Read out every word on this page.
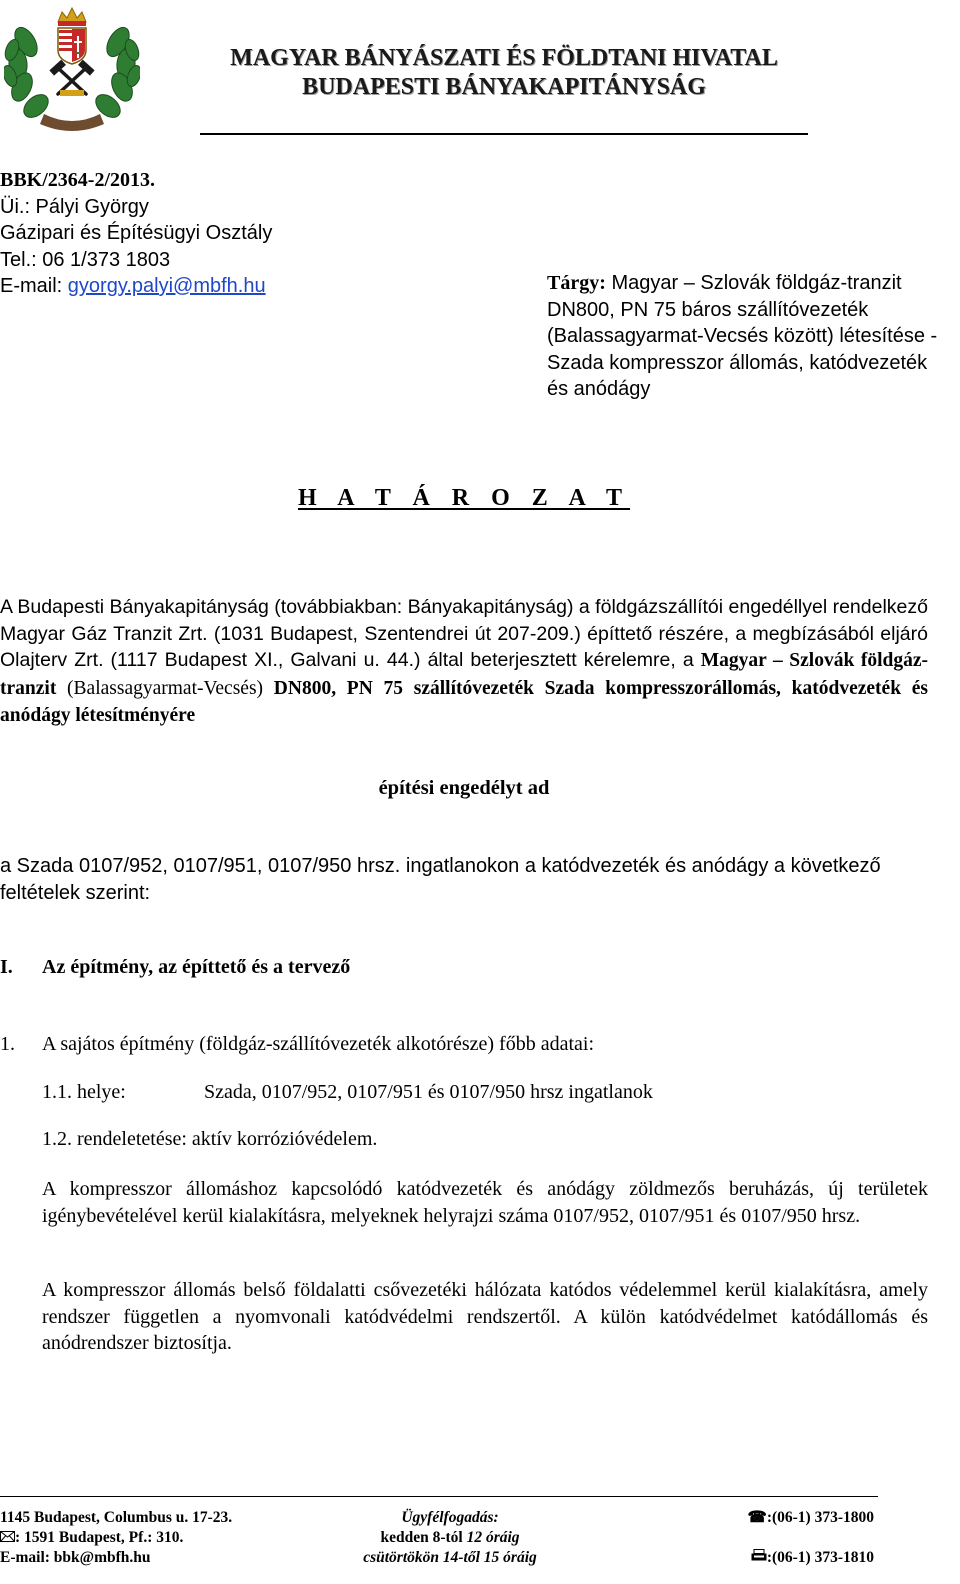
MAGYAR BÁNYÁSZATI ÉS FÖLDTANI HIVATAL
BUDAPESTI BÁNYAKAPITÁNYSÁG
BBK/2364-2/2013.
Üi.: Pályi György
Gázipari és Építésügyi Osztály
Tel.: 06 1/373 1803
E-mail: gyorgy.palyi@mbfh.hu	Tárgy: Magyar – Szlovák földgáz-tranzit DN800, PN 75 báros szállítóvezeték (Balassagyarmat-Vecsés között) létesítése - Szada kompresszor állomás, katódvezeték és anódágy
H A T Á R O Z A T
A Budapesti Bányakapitányság (továbbiakban: Bányakapitányság) a földgázszállítói engedéllyel rendelkező Magyar Gáz Tranzit Zrt. (1031 Budapest, Szentendrei út 207-209.) építtető részére, a megbízásából eljáró Olajterv Zrt. (1117 Budapest XI., Galvani u. 44.) által beterjesztett kérelemre, a Magyar – Szlovák földgáz-tranzit (Balassagyarmat-Vecsés) DN800, PN 75 szállítóvezeték Szada kompresszorállomás, katódvezeték és anódágy létesítményére
építési engedélyt ad
a Szada 0107/952, 0107/951, 0107/950 hrsz. ingatlanokon a katódvezeték és anódágy a következő feltételek szerint:
I. Az építmény, az építtető és a tervező
1. A sajátos építmény (földgáz-szállítóvezeték alkotórésze) főbb adatai:
1.1. helye:	Szada, 0107/952, 0107/951 és 0107/950 hrsz ingatlanok
1.2. rendeletetése: aktív korrózióvédelem.
A kompresszor állomáshoz kapcsolódó katódvezeték és anódágy zöldmezős beruházás, új területek igénybevételével kerül kialakításra, melyeknek helyrajzi száma 0107/952, 0107/951 és 0107/950 hrsz.
A kompresszor állomás belső földalatti csővezetéki hálózata katódos védelemmel kerül kialakításra, amely rendszer független a nyomvonali katódvédelmi rendszertől. A külön katódvédelmet katódállomás és anódrendszer biztosítja.
1145 Budapest, Columbus u. 17-23.
: 1591 Budapest, Pf.: 310.
E-mail: bbk@mbfh.hu
Ügyfélfogadás:
kedden 8-tól 12 óráig
csütörtökön 14-től 15 óráig
☎:(06-1) 373-1800

:(06-1) 373-1810
